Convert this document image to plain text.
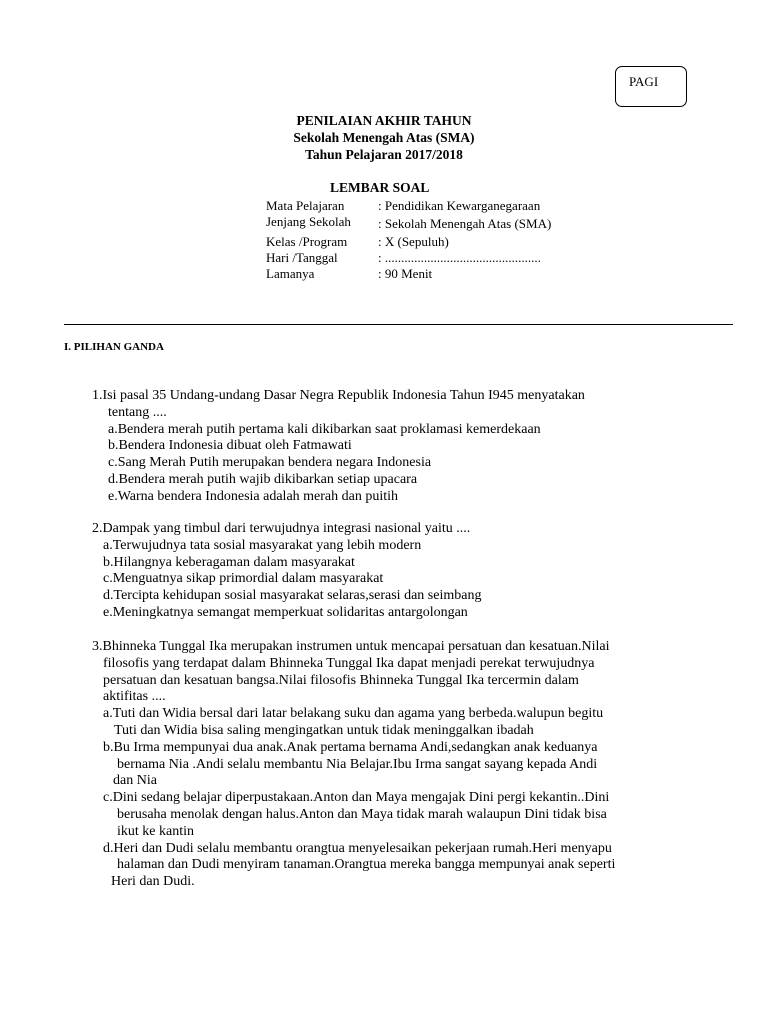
PAGI
PENILAIAN AKHIR TAHUN
Sekolah Menengah Atas (SMA)
Tahun Pelajaran 2017/2018
LEMBAR SOAL
Mata Pelajaran	: Pendidikan Kewarganegaraan
Jenjang Sekolah : Sekolah Menengah Atas (SMA)
Kelas /Program : X (Sepuluh)
Hari /Tanggal	: ................................................
Lamanya	: 90 Menit
I. PILIHAN GANDA
1.Isi pasal 35 Undang-undang Dasar Negra Republik Indonesia Tahun I945 menyatakan
tentang ....
a.Bendera merah putih pertama kali dikibarkan saat proklamasi kemerdekaan
b.Bendera Indonesia dibuat oleh Fatmawati
c.Sang Merah Putih merupakan bendera negara Indonesia
d.Bendera merah putih wajib dikibarkan setiap upacara
e.Warna bendera Indonesia adalah merah dan puitih
2.Dampak yang timbul dari terwujudnya integrasi nasional yaitu ....
a.Terwujudnya tata sosial masyarakat yang lebih modern
b.Hilangnya keberagaman dalam masyarakat
c.Menguatnya sikap primordial dalam masyarakat
d.Tercipta kehidupan sosial masyarakat selaras,serasi dan seimbang
e.Meningkatnya semangat memperkuat solidaritas antargolongan
3.Bhinneka Tunggal Ika merupakan instrumen untuk mencapai persatuan dan kesatuan.Nilai
filosofis yang terdapat dalam Bhinneka Tunggal Ika dapat menjadi perekat terwujudnya
persatuan dan kesatuan bangsa.Nilai filosofis Bhinneka Tunggal Ika tercermin dalam
aktifitas ....
a.Tuti dan Widia bersal dari latar belakang suku dan agama yang berbeda.walupun begitu
Tuti dan Widia bisa saling mengingatkan untuk tidak meninggalkan ibadah
b.Bu Irma mempunyai dua anak.Anak pertama bernama Andi,sedangkan anak keduanya
bernama Nia .Andi selalu membantu Nia Belajar.Ibu Irma sangat sayang kepada Andi
dan Nia
c.Dini sedang belajar diperpustakaan.Anton dan Maya mengajak Dini pergi kekantin..Dini
berusaha menolak dengan halus.Anton dan Maya tidak marah walaupun Dini tidak bisa
ikut ke kantin
d.Heri dan Dudi selalu membantu orangtua menyelesaikan pekerjaan rumah.Heri menyapu
halaman dan Dudi menyiram tanaman.Orangtua mereka bangga mempunyai anak seperti
Heri dan Dudi.
